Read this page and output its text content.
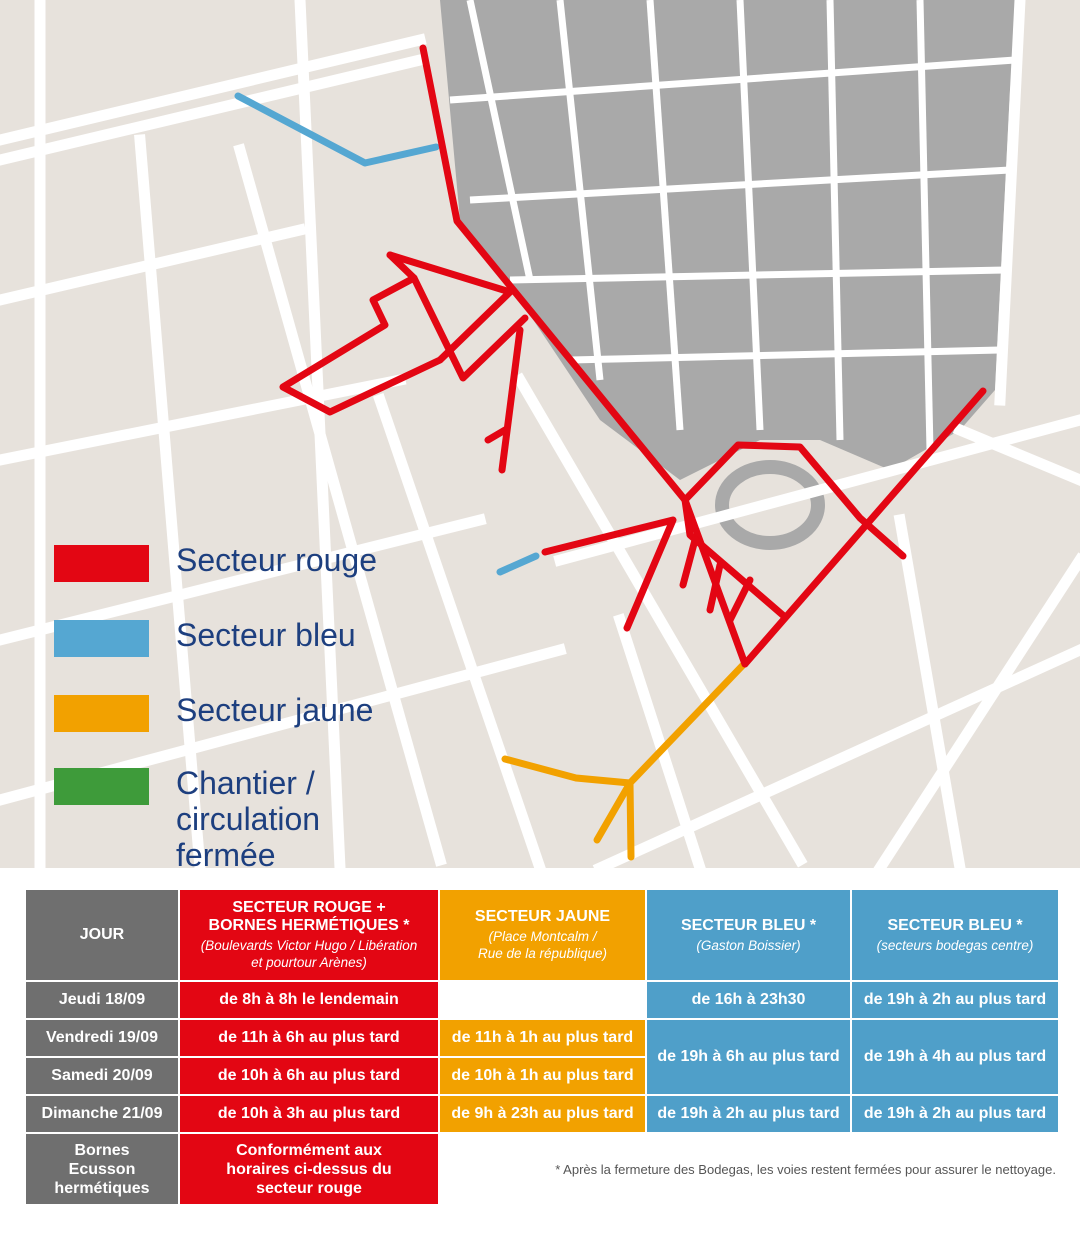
Secteur rouge
Secteur bleu
Secteur jaune
Chantier /
circulation fermée
JOUR	SECTEUR ROUGE +
BORNES HERMÉTIQUES *
(Boulevards Victor Hugo / Libération
et pourtour Arènes)	SECTEUR JAUNE
(Place Montcalm /
Rue de la république)	SECTEUR BLEU *
(Gaston Boissier)	SECTEUR BLEU *
(secteurs bodegas centre)

Jeudi 18/09	de 8h à 8h le lendemain		de 16h à 23h30	de 19h à 2h au plus tard
Vendredi 19/09	de 11h à 6h au plus tard	de 11h à 1h au plus tard	de 19h à 6h au plus tard	de 19h à 4h au plus tard
Samedi 20/09	de 10h à 6h au plus tard	de 10h à 1h au plus tard		
Dimanche 21/09	de 10h à 3h au plus tard	de 9h à 23h au plus tard	de 19h à 2h au plus tard	de 19h à 2h au plus tard
Bornes
Ecusson
hermétiques	Conformément aux
horaires ci-dessus du
secteur rouge	* Après la fermeture des Bodegas, les voies restent fermées pour assurer le nettoyage.		
